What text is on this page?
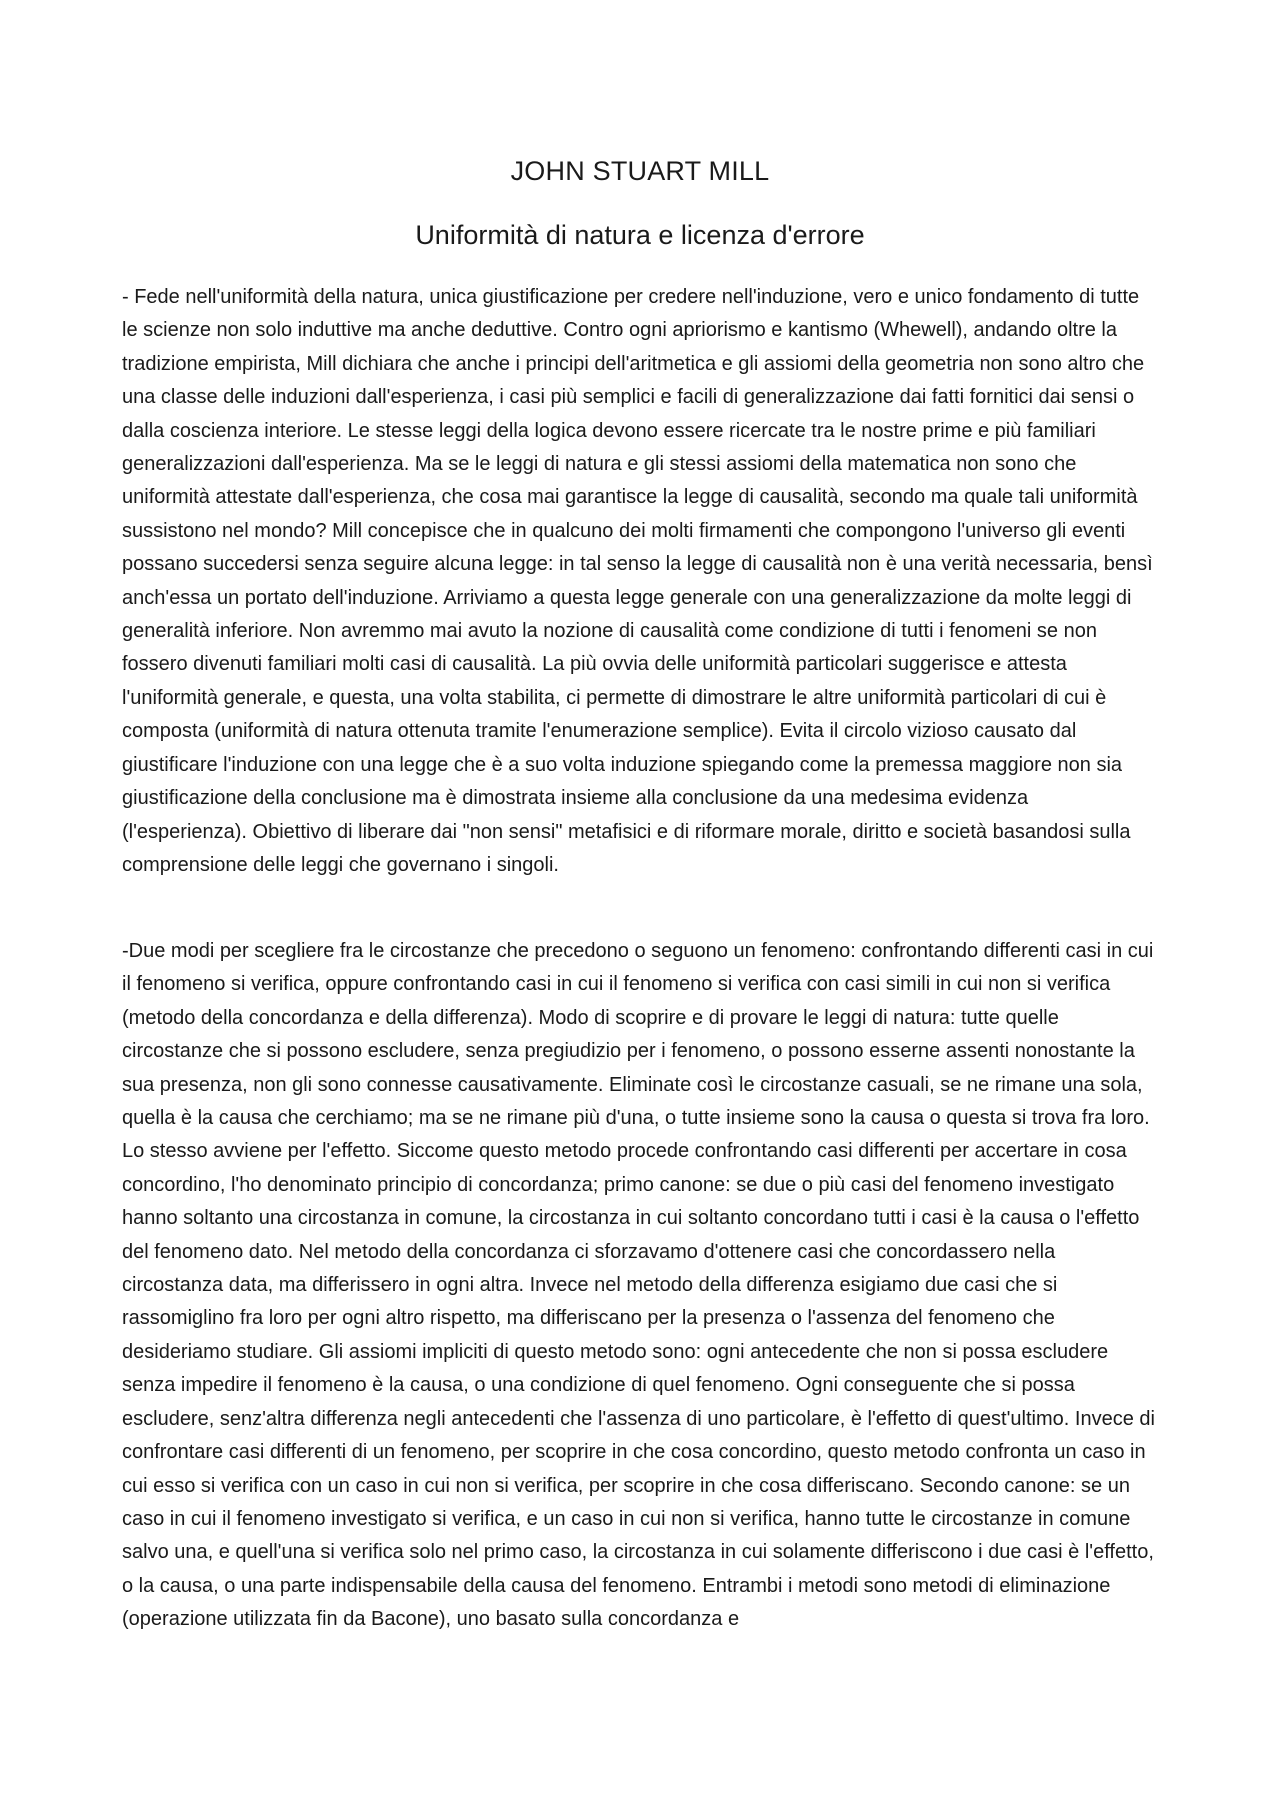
JOHN STUART MILL
Uniformità di natura e licenza d'errore

- Fede nell'uniformità della natura, unica giustificazione per credere nell'induzione, vero e unico fondamento di tutte le scienze non solo induttive ma anche deduttive. Contro ogni apriorismo e kantismo (Whewell), andando oltre la tradizione empirista, Mill dichiara che anche i principi dell'aritmetica e gli assiomi della geometria non sono altro che una classe delle induzioni dall'esperienza, i casi più semplici e facili di generalizzazione dai fatti fornitici dai sensi o dalla coscienza interiore. Le stesse leggi della logica devono essere ricercate tra le nostre prime e più familiari generalizzazioni dall'esperienza. Ma se le leggi di natura e gli stessi assiomi della matematica non sono che uniformità attestate dall'esperienza, che cosa mai garantisce la legge di causalità, secondo ma quale tali uniformità sussistono nel mondo? Mill concepisce che in qualcuno dei molti firmamenti che compongono l'universo gli eventi possano succedersi senza seguire alcuna legge: in tal senso la legge di causalità non è una verità necessaria, bensì anch'essa un portato dell'induzione. Arriviamo a questa legge generale con una generalizzazione da molte leggi di generalità inferiore. Non avremmo mai avuto la nozione di causalità come condizione di tutti i fenomeni se non fossero divenuti familiari molti casi di causalità. La più ovvia delle uniformità particolari suggerisce e attesta l'uniformità generale, e questa, una volta stabilita, ci permette di dimostrare le altre uniformità particolari di cui è composta (uniformità di natura ottenuta tramite l'enumerazione semplice). Evita il circolo vizioso causato dal giustificare l'induzione con una legge che è a suo volta induzione spiegando come la premessa maggiore non sia giustificazione della conclusione ma è dimostrata insieme alla conclusione da una medesima evidenza (l'esperienza). Obiettivo di liberare dai "non sensi" metafisici e di riformare morale, diritto e società basandosi sulla comprensione delle leggi che governano i singoli.

-Due modi per scegliere fra le circostanze che precedono o seguono un fenomeno: confrontando differenti casi in cui il fenomeno si verifica, oppure confrontando casi in cui il fenomeno si verifica con casi simili in cui non si verifica (metodo della concordanza e della differenza). Modo di scoprire e di provare le leggi di natura: tutte quelle circostanze che si possono escludere, senza pregiudizio per i fenomeno, o possono esserne assenti nonostante la sua presenza, non gli sono connesse causativamente. Eliminate così le circostanze casuali, se ne rimane una sola, quella è la causa che cerchiamo; ma se ne rimane più d'una, o tutte insieme sono la causa o questa si trova fra loro. Lo stesso avviene per l'effetto. Siccome questo metodo procede confrontando casi differenti per accertare in cosa concordino, l'ho denominato principio di concordanza; primo canone: se due o più casi del fenomeno investigato hanno soltanto una circostanza in comune, la circostanza in cui soltanto concordano tutti i casi è la causa o l'effetto del fenomeno dato. Nel metodo della concordanza ci sforzavamo d'ottenere casi che concordassero nella circostanza data, ma differissero in ogni altra. Invece nel metodo della differenza esigiamo due casi che si rassomiglino fra loro per ogni altro rispetto, ma differiscano per la presenza o l'assenza del fenomeno che desideriamo studiare. Gli assiomi impliciti di questo metodo sono: ogni antecedente che non si possa escludere senza impedire il fenomeno è la causa, o una condizione di quel fenomeno. Ogni conseguente che si possa escludere, senz'altra differenza negli antecedenti che l'assenza di uno particolare, è l'effetto di quest'ultimo. Invece di confrontare casi differenti di un fenomeno, per scoprire in che cosa concordino, questo metodo confronta un caso in cui esso si verifica con un caso in cui non si verifica, per scoprire in che cosa differiscano. Secondo canone: se un caso in cui il fenomeno investigato si verifica, e un caso in cui non si verifica, hanno tutte le circostanze in comune salvo una, e quell'una si verifica solo nel primo caso, la circostanza in cui solamente differiscono i due casi è l'effetto, o la causa, o una parte indispensabile della causa del fenomeno. Entrambi i metodi sono metodi di eliminazione (operazione utilizzata fin da Bacone), uno basato sulla concordanza e
